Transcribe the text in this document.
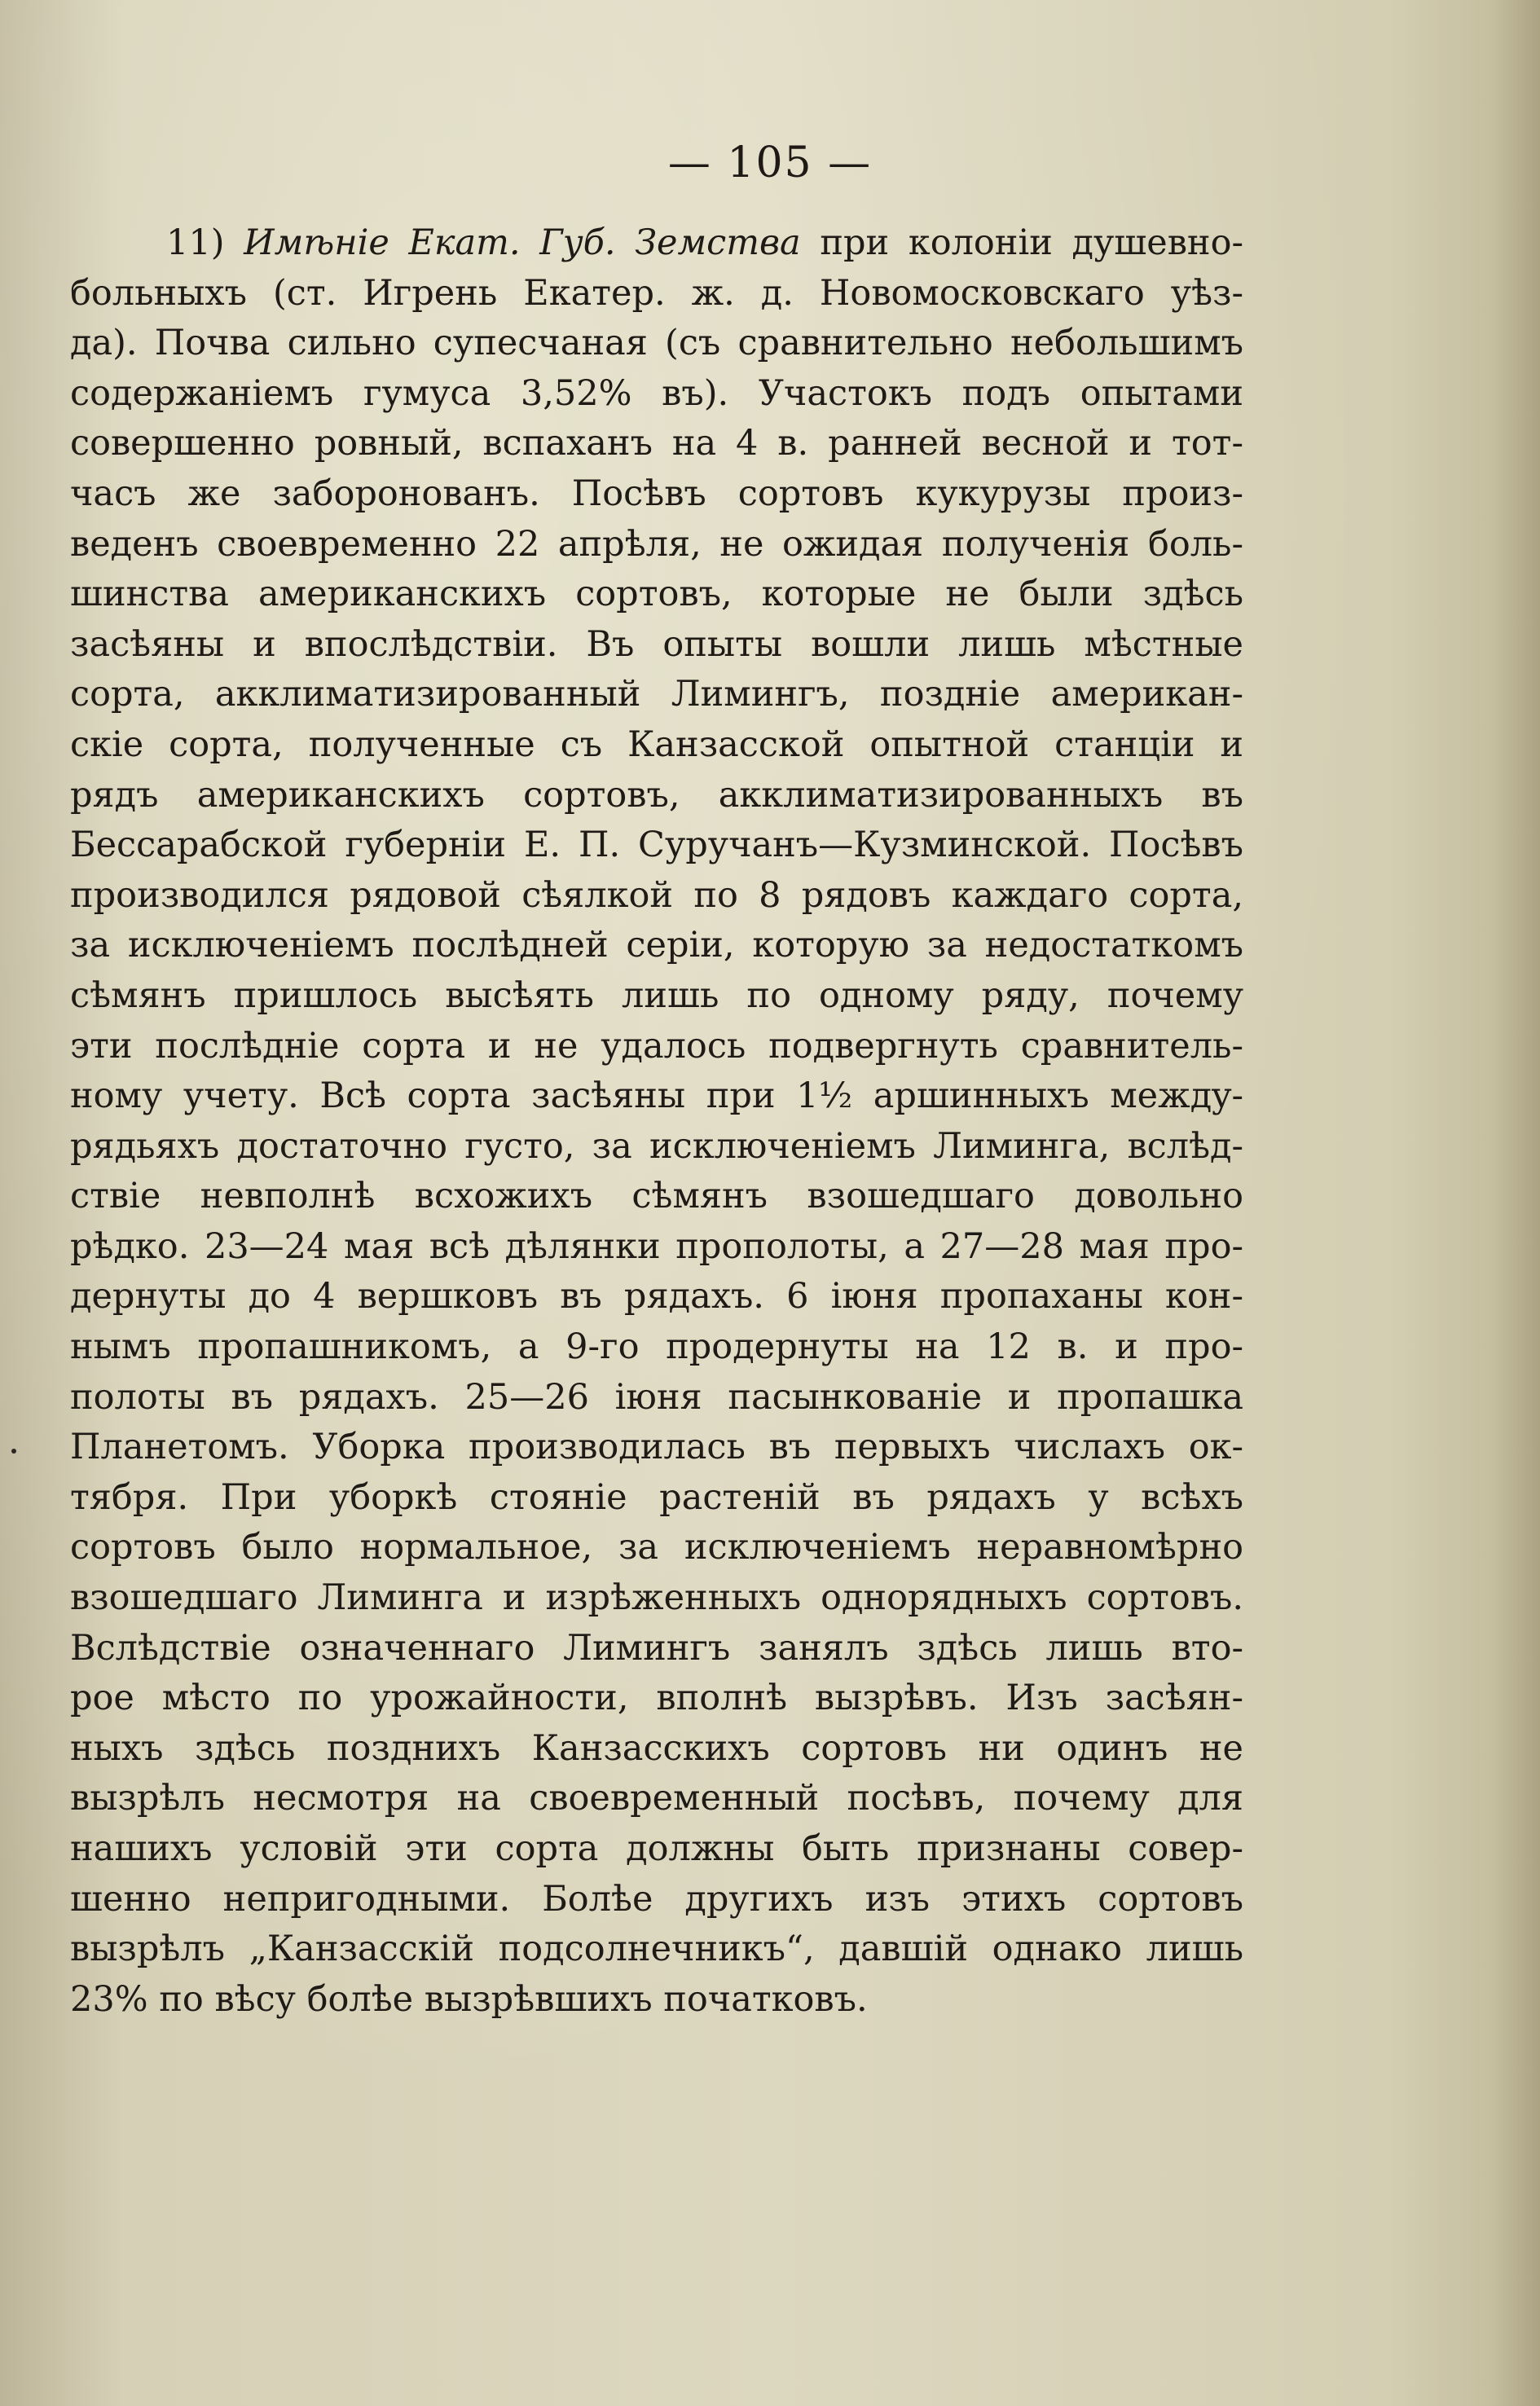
— 105 —
11) Имѣніе Екат. Губ. Земства при колоніи душевно-
больныхъ (ст. Игрень Екатер. ж. д. Новомосковскаго уѣз-
да). Почва сильно супесчаная (съ сравнительно небольшимъ
содержаніемъ гумуса 3,52% въ). Участокъ подъ опытами
совершенно ровный, вспаханъ на 4 в. ранней весной и тот-
часъ же заборонованъ. Посѣвъ сортовъ кукурузы произ-
веденъ своевременно 22 апрѣля, не ожидая полученія боль-
шинства американскихъ сортовъ, которые не были здѣсь
засѣяны и впослѣдствіи. Въ опыты вошли лишь мѣстные
сорта, акклиматизированный Лимингъ, поздніе американ-
скіе сорта, полученные съ Канзасской опытной станціи и
рядъ американскихъ сортовъ, акклиматизированныхъ въ
Бессарабской губерніи Е. П. Суручанъ—Кузминской. Посѣвъ
производился рядовой сѣялкой по 8 рядовъ каждаго сорта,
за исключеніемъ послѣдней серіи, которую за недостаткомъ
сѣмянъ пришлось высѣять лишь по одному ряду, почему
эти послѣдніе сорта и не удалось подвергнуть сравнитель-
ному учету. Всѣ сорта засѣяны при 1½ аршинныхъ междy-
рядьяхъ достаточно густо, за исключеніемъ Лиминга, вслѣд-
ствіе невполнѣ всхожихъ сѣмянъ взошедшаго довольно
рѣдко. 23—24 мая всѣ дѣлянки прополоты, а 27—28 мая про-
дернуты до 4 вершковъ въ рядахъ. 6 іюня пропаханы кон-
нымъ пропашникомъ, а 9-го продернуты на 12 в. и про-
полоты въ рядахъ. 25—26 іюня пасынкованіе и пропашка
Планетомъ. Уборка производилась въ первыхъ числахъ ок-
тября. При уборкѣ стояніе растеній въ рядахъ у всѣхъ
сортовъ было нормальное, за исключеніемъ неравномѣрно
взошедшаго Лиминга и изрѣженныхъ однорядныхъ сортовъ.
Вслѣдствіе означеннаго Лимингъ занялъ здѣсь лишь вто-
рое мѣсто по урожайности, вполнѣ вызрѣвъ. Изъ засѣян-
ныхъ здѣсь позднихъ Канзасскихъ сортовъ ни одинъ не
вызрѣлъ несмотря на своевременный посѣвъ, почему для
нашихъ условій эти сорта должны быть признаны совер-
шенно непригодными. Болѣе другихъ изъ этихъ сортовъ
вызрѣлъ „Канзасскій подсолнечникъ“, давшій однако лишь
23% по вѣсу болѣе вызрѣвшихъ початковъ.
